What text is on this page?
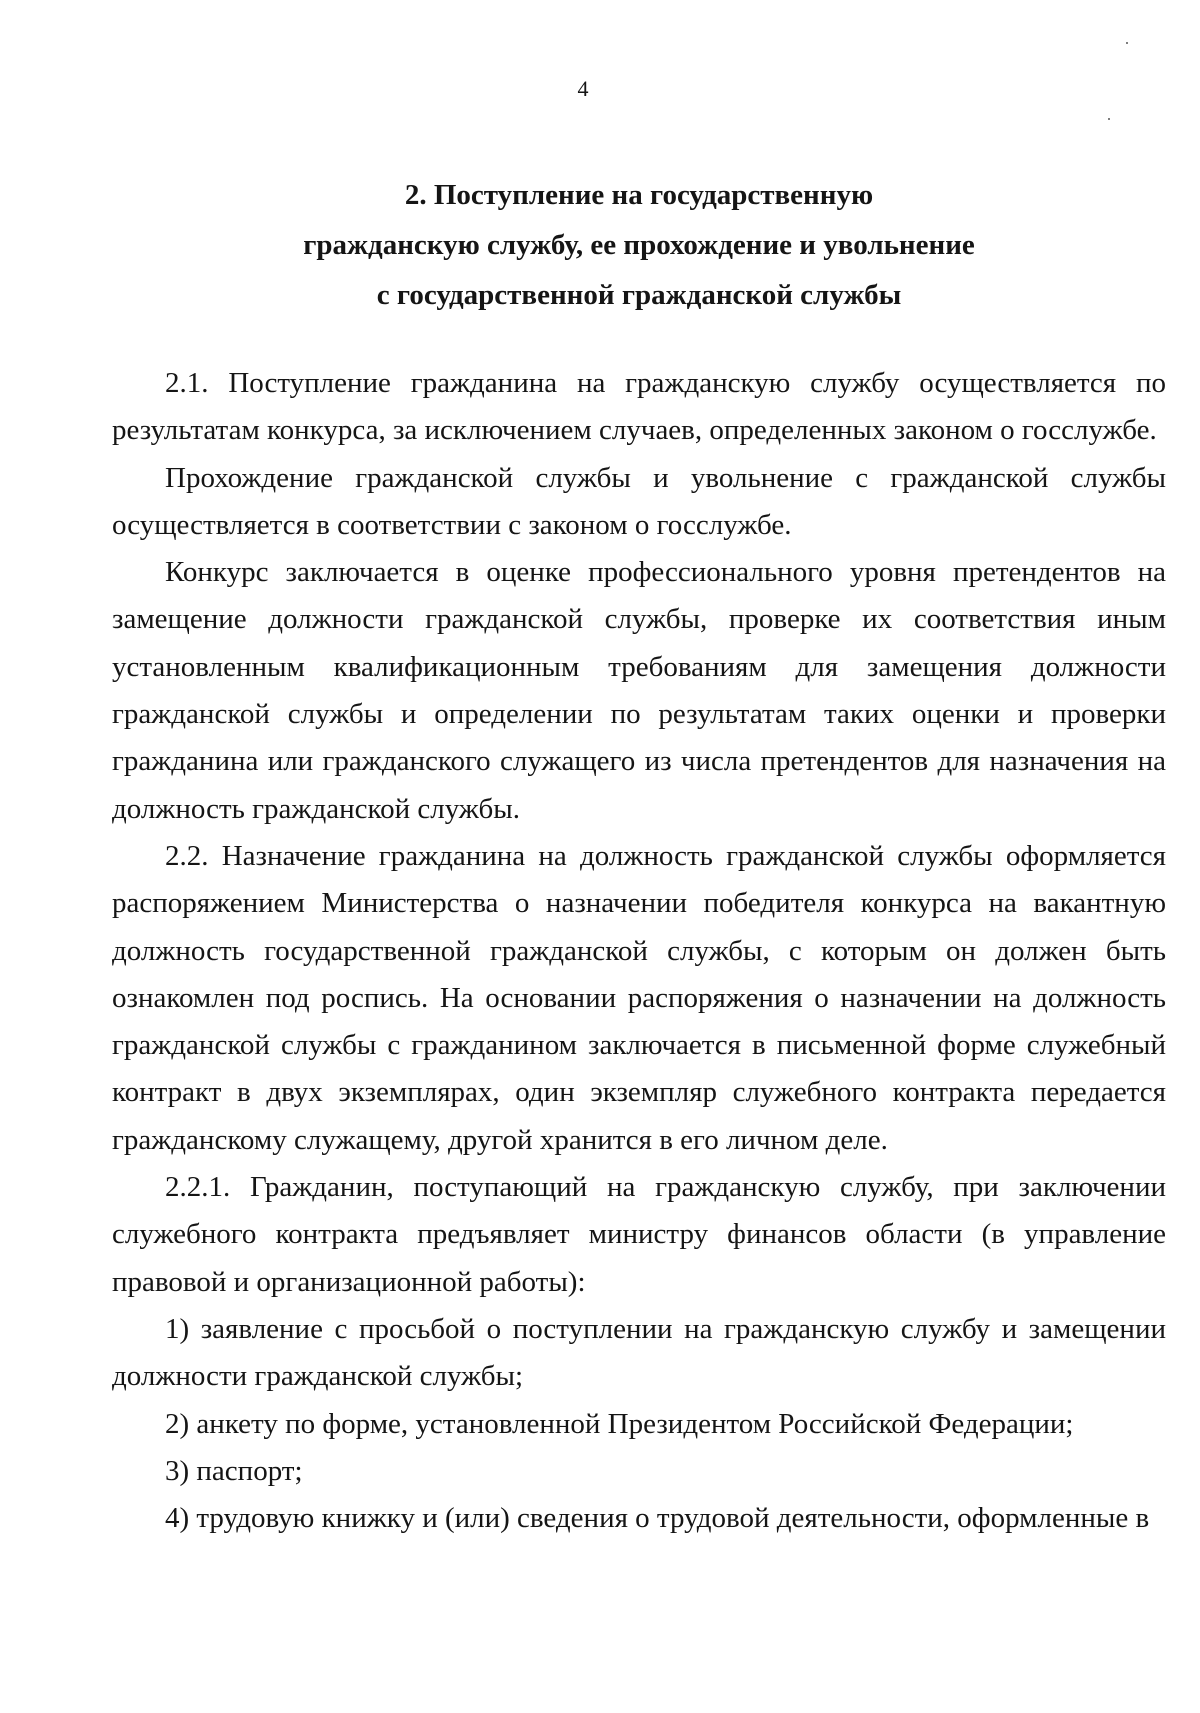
4
2. Поступление на государственную
гражданскую службу, ее прохождение и увольнение
с государственной гражданской службы

2.1. Поступление гражданина на гражданскую службу осуществляется по результатам конкурса, за исключением случаев, определенных законом о госслужбе.

Прохождение гражданской службы и увольнение с гражданской службы осуществляется в соответствии с законом о госслужбе.

Конкурс заключается в оценке профессионального уровня претендентов на замещение должности гражданской службы, проверке их соответствия иным установленным квалификационным требованиям для замещения должности гражданской службы и определении по результатам таких оценки и проверки гражданина или гражданского служащего из числа претендентов для назначения на должность гражданской службы.

2.2. Назначение гражданина на должность гражданской службы оформляется распоряжением Министерства о назначении победителя конкурса на вакантную должность государственной гражданской службы, с которым он должен быть ознакомлен под роспись. На основании распоряжения о назначении на должность гражданской службы с гражданином заключается в письменной форме служебный контракт в двух экземплярах, один экземпляр служебного контракта передается гражданскому служащему, другой хранится в его личном деле.

2.2.1. Гражданин, поступающий на гражданскую службу, при заключении служебного контракта предъявляет министру финансов области (в управление правовой и организационной работы):

1) заявление с просьбой о поступлении на гражданскую службу и замещении должности гражданской службы;

2) анкету по форме, установленной Президентом Российской Федерации;

3) паспорт;

4) трудовую книжку и (или) сведения о трудовой деятельности, оформленные в
